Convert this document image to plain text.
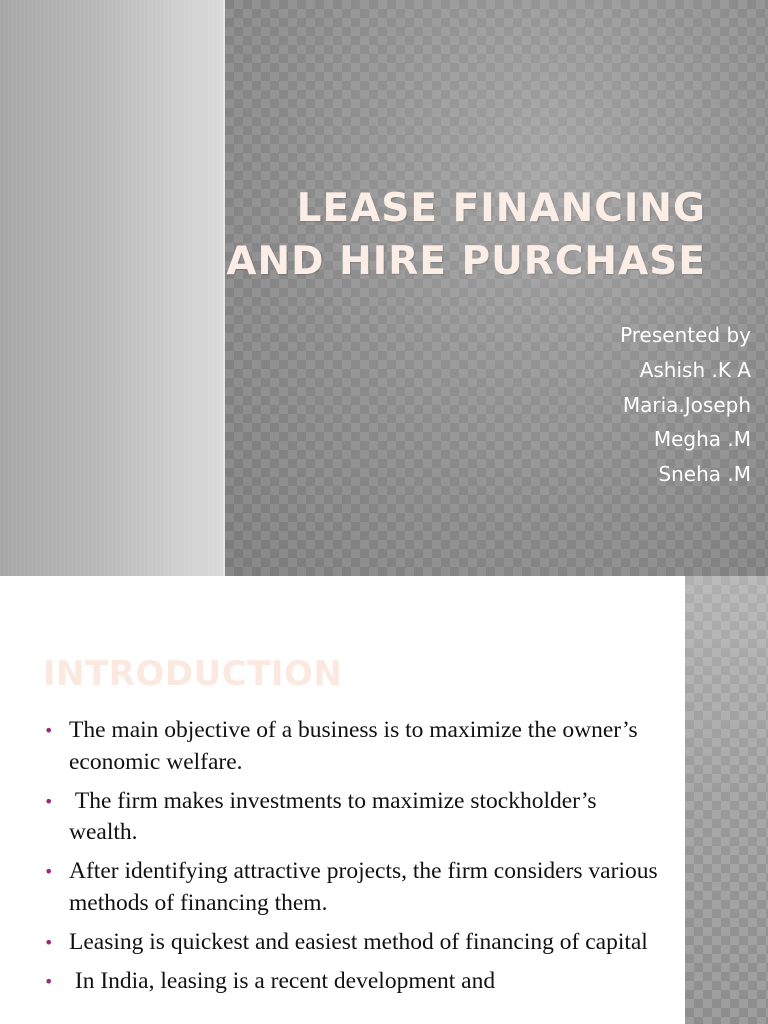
LEASE FINANCING
AND HIRE PURCHASE
Presented by
Ashish .K A
Maria.Joseph
Megha .M
Sneha .M
INTRODUCTION
• The main objective of a business is to maximize the owner’s economic welfare.
• The firm makes investments to maximize stockholder’s wealth.
• After identifying attractive projects, the firm considers various methods of financing them.
• Leasing is quickest and easiest method of financing of capital
• In India, leasing is a recent development and
